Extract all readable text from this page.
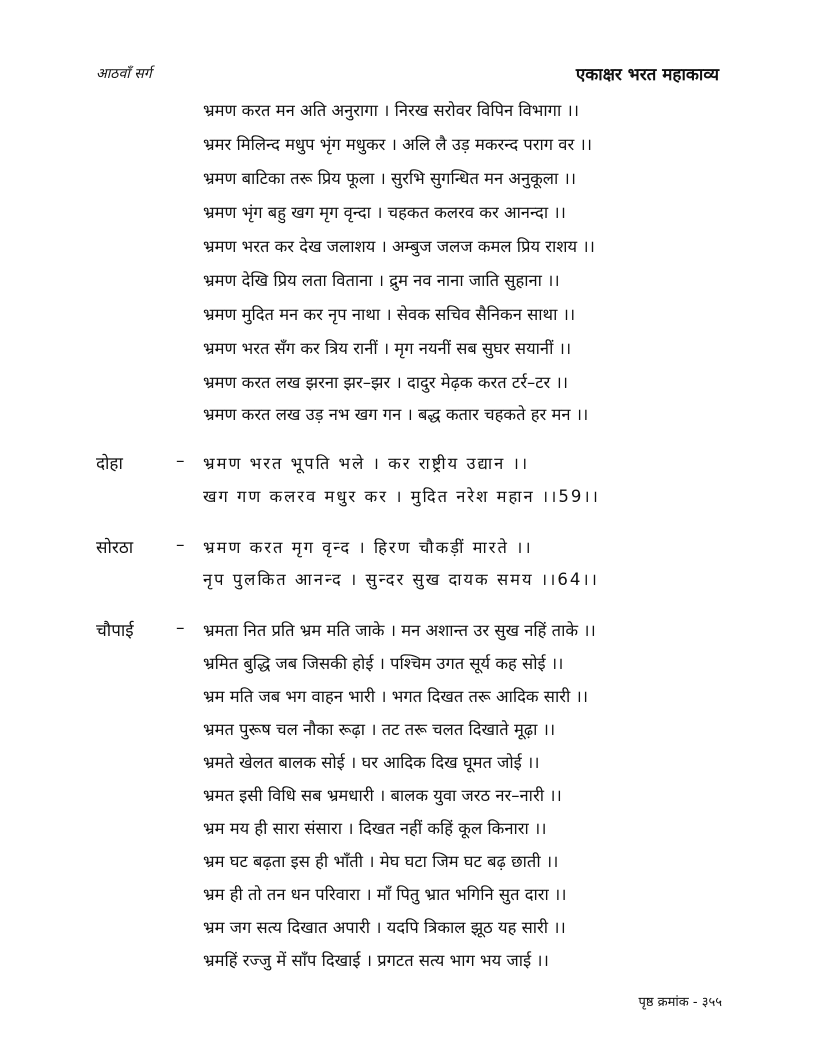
आठवाँ सर्ग	एकाक्षर भरत महाकाव्य
भ्रमण करत मन अति अनुरागा । निरख सरोवर विपिन विभागा ।।
भ्रमर मिलिन्द मधुप भृंग मधुकर । अलि लै उड़ मकरन्द पराग वर ।।
भ्रमण बाटिका तरू प्रिय फूला । सुरभि सुगन्धित मन अनुकूला ।।
भ्रमण भृंग बहु खग मृग वृन्दा । चहकत कलरव कर आनन्दा ।।
भ्रमण भरत कर देख जलाशय । अम्बुज जलज कमल प्रिय राशय ।।
भ्रमण देखि प्रिय लता विताना । द्रुम नव नाना जाति सुहाना ।।
भ्रमण मुदित मन कर नृप नाथा । सेवक सचिव सैनिकन साथा ।।
भ्रमण भरत सँग कर त्रिय रानीं । मृग नयनीं सब सुघर सयानीं ।।
भ्रमण करत लख झरना झर–झर । दादुर मेढ़क करत टर्र–टर ।।
भ्रमण करत लख उड़ नभ खग गन । बद्ध कतार चहकते हर मन ।।
दोहा	– भ्रमण भरत भूपति भले । कर राष्ट्रीय उद्यान ।।
खग गण कलरव मधुर कर । मुदित नरेश महान ।।59।।
सोरठा	– भ्रमण करत मृग वृन्द । हिरण चौकड़ीं मारते ।।
नृप पुलकित आनन्द । सुन्दर सुख दायक समय ।।64।।
चौपाई – भ्रमता नित प्रति भ्रम मति जाके । मन अशान्त उर सुख नहिं ताके ।।
भ्रमित बुद्धि जब जिसकी होई । पश्चिम उगत सूर्य कह सोई ।।
भ्रम मति जब भग वाहन भारी । भगत दिखत तरू आदिक सारी ।।
भ्रमत पुरूष चल नौका रूढ़ा । तट तरू चलत दिखाते मूढ़ा ।।
भ्रमते खेलत बालक सोई । घर आदिक दिख घूमत जोई ।।
भ्रमत इसी विधि सब भ्रमधारी । बालक युवा जरठ नर–नारी ।।
भ्रम मय ही सारा संसारा । दिखत नहीं कहिं कूल किनारा ।।
भ्रम घट बढ़ता इस ही भाँती । मेघ घटा जिम घट बढ़ छाती ।।
भ्रम ही तो तन धन परिवारा । माँ पितु भ्रात भगिनि सुत दारा ।।
भ्रम जग सत्य दिखात अपारी । यदपि त्रिकाल झूठ यह सारी ।।
भ्रमहिं रज्जु में साँप दिखाई । प्रगटत सत्य भाग भय जाई ।।
पृष्ठ क्रमांक - ३५५
